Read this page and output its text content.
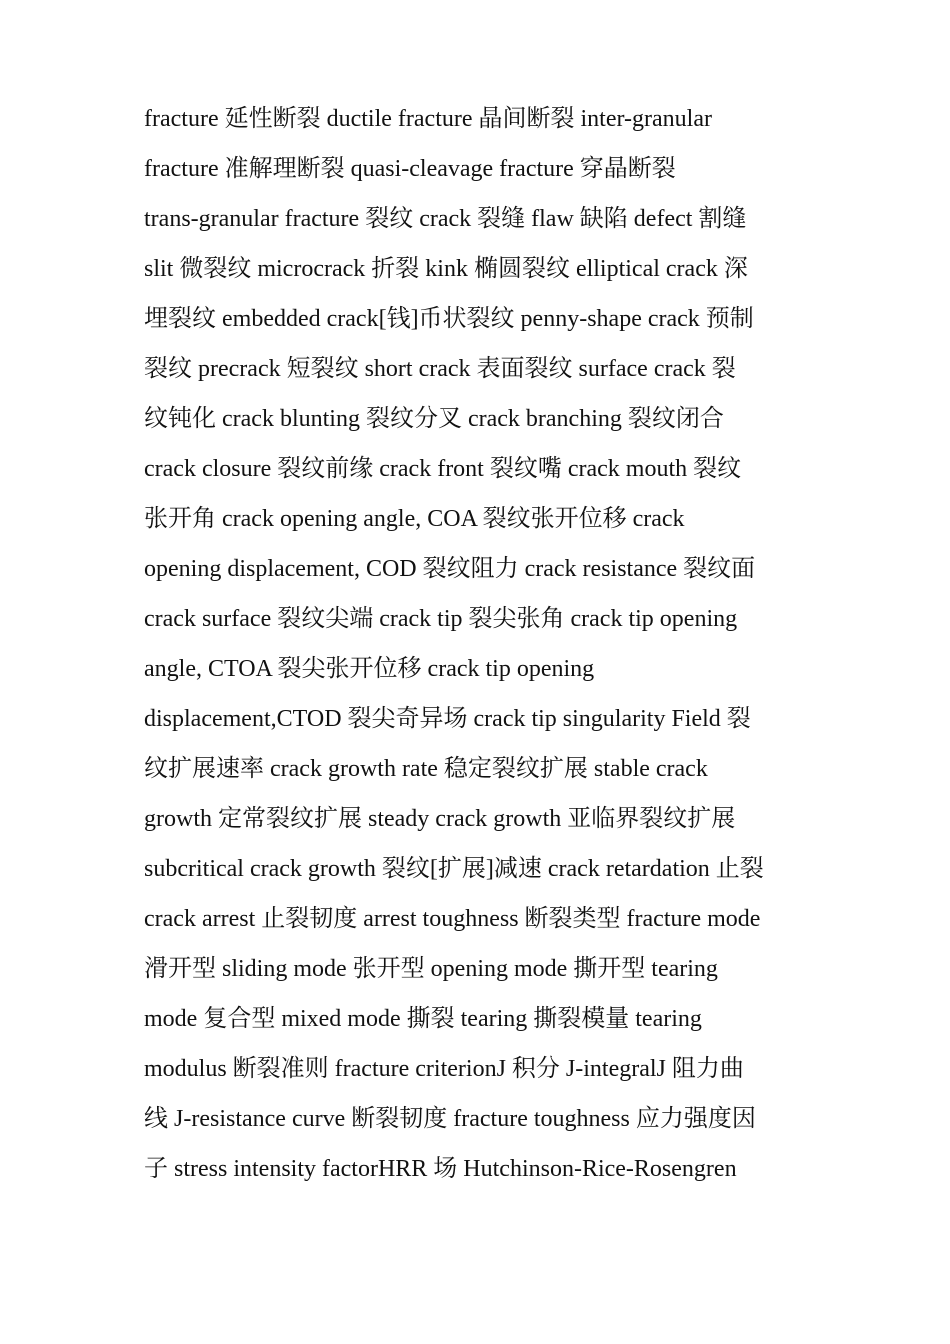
fracture 延性断裂 ductile fracture 晶间断裂 inter-granular
fracture 准解理断裂 quasi-cleavage fracture 穿晶断裂
trans-granular fracture 裂纹 crack 裂缝 flaw 缺陷 defect 割缝
slit 微裂纹 microcrack 折裂 kink 椭圆裂纹 elliptical crack 深
埋裂纹 embedded crack[钱]币状裂纹 penny-shape crack 预制
裂纹 precrack 短裂纹 short crack 表面裂纹 surface crack 裂
纹钝化 crack blunting 裂纹分叉 crack branching 裂纹闭合
crack closure 裂纹前缘 crack front 裂纹嘴 crack mouth 裂纹
张开角 crack opening angle, COA 裂纹张开位移 crack
opening displacement, COD 裂纹阻力 crack resistance 裂纹面
crack surface 裂纹尖端 crack tip 裂尖张角 crack tip opening
angle, CTOA 裂尖张开位移 crack tip opening
displacement,CTOD 裂尖奇异场 crack tip singularity Field 裂
纹扩展速率 crack growth rate 稳定裂纹扩展 stable crack
growth 定常裂纹扩展 steady crack growth 亚临界裂纹扩展
subcritical crack growth 裂纹[扩展]减速 crack retardation 止裂
crack arrest 止裂韧度 arrest toughness 断裂类型 fracture mode
滑开型 sliding mode 张开型 opening mode 撕开型 tearing
mode 复合型 mixed mode 撕裂 tearing 撕裂模量 tearing
modulus 断裂准则 fracture criterionJ 积分 J-integralJ 阻力曲
线 J-resistance curve 断裂韧度 fracture toughness 应力强度因
子 stress intensity factorHRR 场 Hutchinson-Rice-Rosengren
